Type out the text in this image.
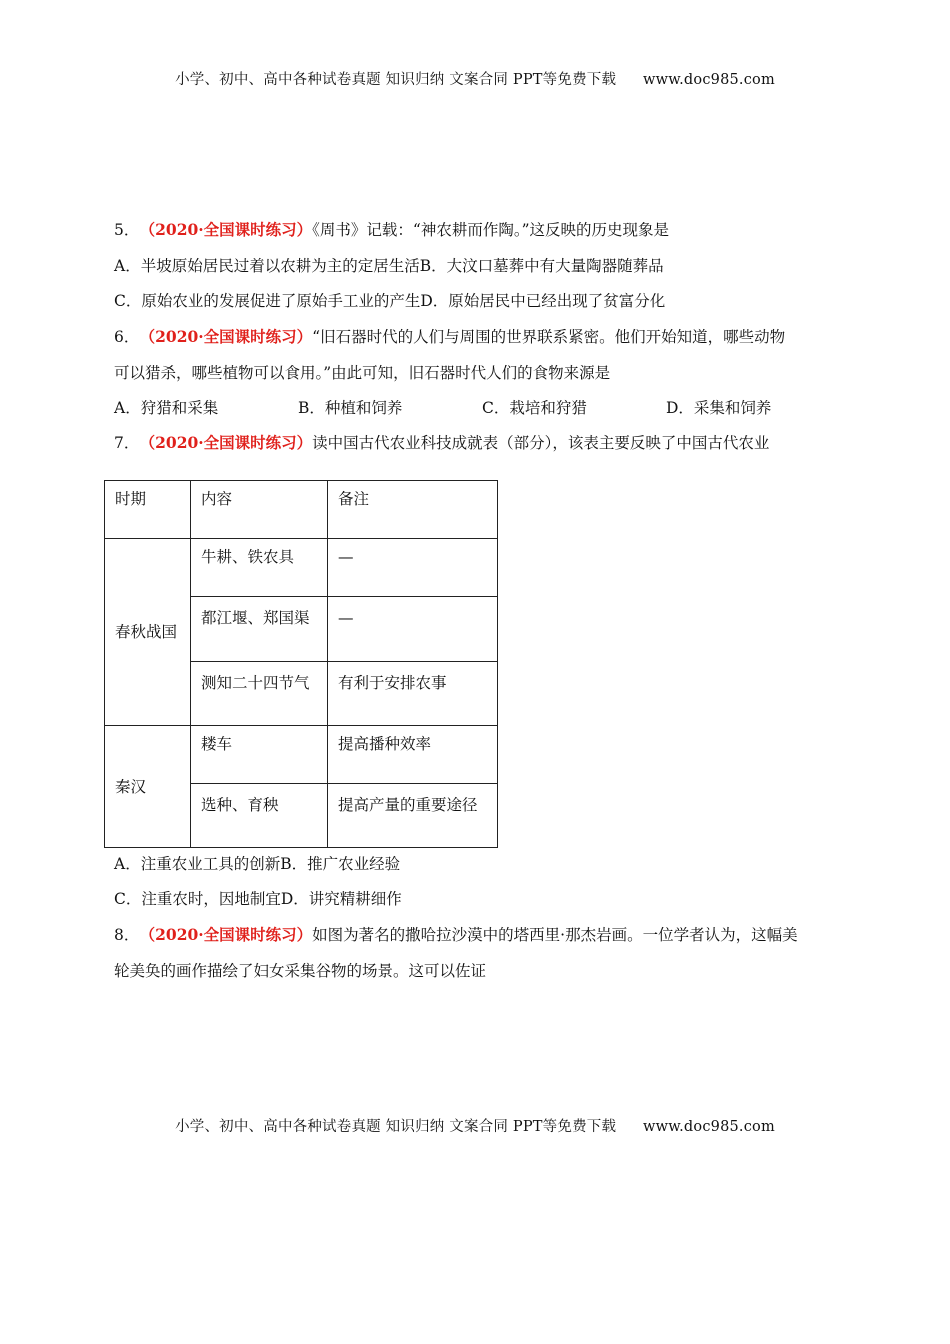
小学、初中、高中各种试卷真题 知识归纳 文案合同 PPT等免费下载 www.doc985.com
5． （2020·全国课时练习）《周书》记载：“神农耕而作陶。”这反映的历史现象是
A．半坡原始居民过着以农耕为主的定居生活B．大汶口墓葬中有大量陶器随葬品
C．原始农业的发展促进了原始手工业的产生D．原始居民中已经出现了贫富分化
6． （2020·全国课时练习）“旧石器时代的人们与周围的世界联系紧密。他们开始知道，哪些动物
可以猎杀，哪些植物可以食用。”由此可知，旧石器时代人们的食物来源是
A．狩猎和采集	B．种植和饲养	C．栽培和狩猎	D．采集和饲养
7． （2020·全国课时练习）读中国古代农业科技成就表（部分），该表主要反映了中国古代农业
时期	内容	备注
春秋战国	牛耕、铁农具	—
	都江堰、郑国渠	—
	测知二十四节气	有利于安排农事
秦汉	耧车	提高播种效率
	选种、育秧	提高产量的重要途径
A．注重农业工具的创新B．推广农业经验
C．注重农时，因地制宜D．讲究精耕细作
8． （2020·全国课时练习）如图为著名的撒哈拉沙漠中的塔西里·那杰岩画。一位学者认为，这幅美
轮美奂的画作描绘了妇女采集谷物的场景。这可以佐证
小学、初中、高中各种试卷真题 知识归纳 文案合同 PPT等免费下载 www.doc985.com
